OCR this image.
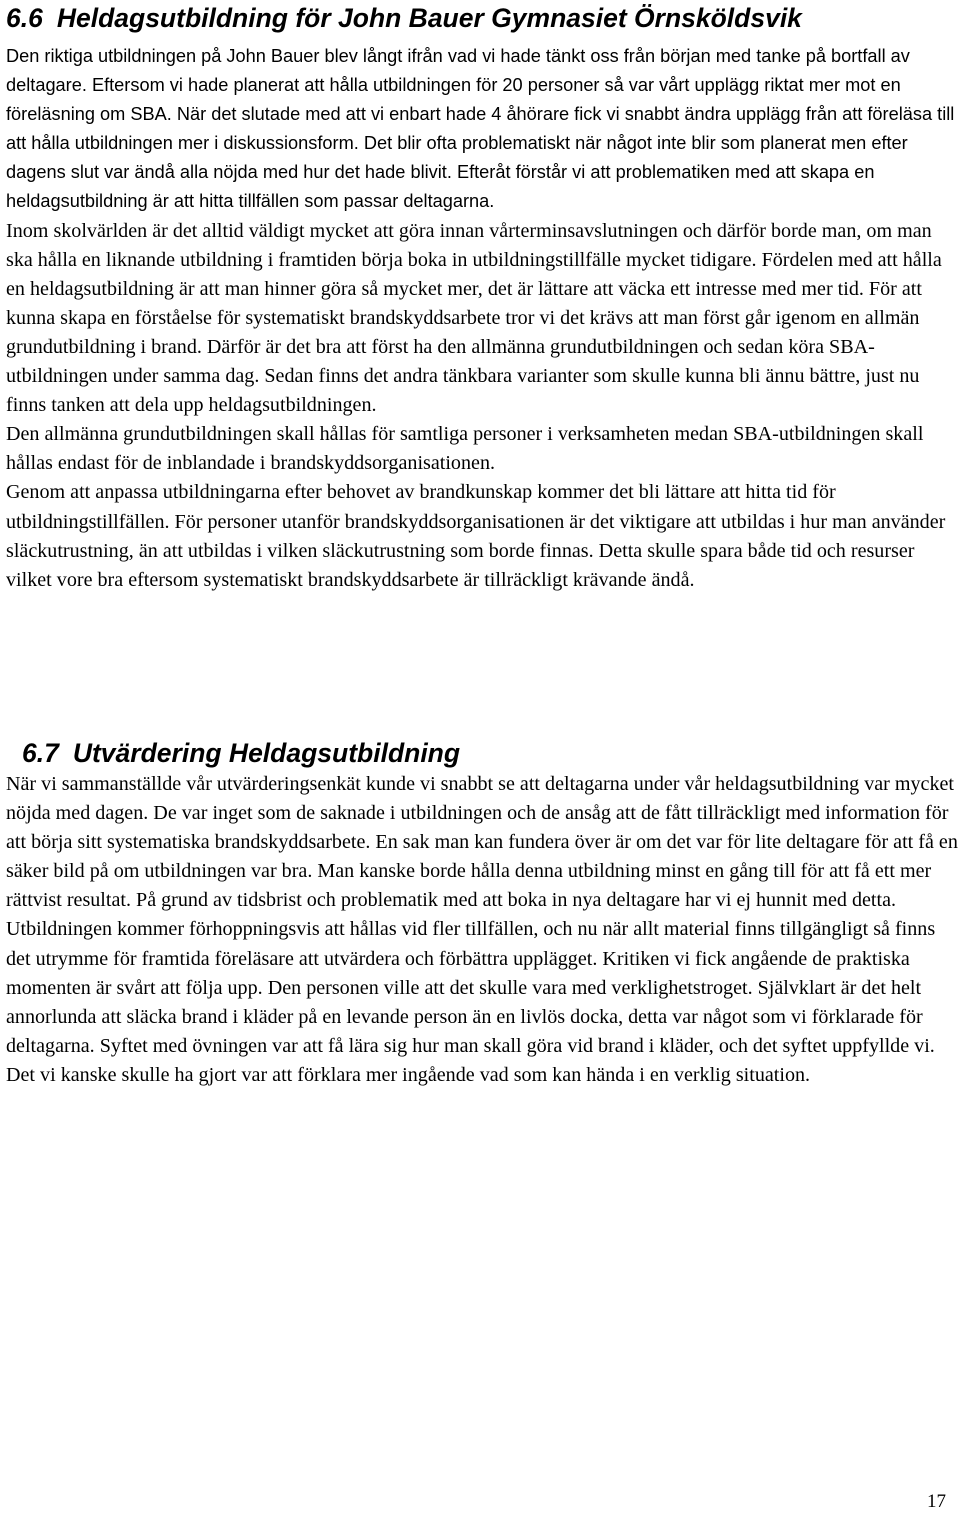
6.6 Heldagsutbildning för John Bauer Gymnasiet Örnsköldsvik

Den riktiga utbildningen på John Bauer blev långt ifrån vad vi hade tänkt oss från början med tanke på bortfall av deltagare. Eftersom vi hade planerat att hålla utbildningen för 20 personer så var vårt upplägg riktat mer mot en föreläsning om SBA. När det slutade med att vi enbart hade 4 åhörare fick vi snabbt ändra upplägg från att föreläsa till att hålla utbildningen mer i diskussionsform. Det blir ofta problematiskt när något inte blir som planerat men efter dagens slut var ändå alla nöjda med hur det hade blivit. Efteråt förstår vi att problematiken med att skapa en heldagsutbildning är att hitta tillfällen som passar deltagarna.

Inom skolvärlden är det alltid väldigt mycket att göra innan vårterminsavslutningen och därför borde man, om man ska hålla en liknande utbildning i framtiden börja boka in utbildningstillfälle mycket tidigare. Fördelen med att hålla en heldagsutbildning är att man hinner göra så mycket mer, det är lättare att väcka ett intresse med mer tid. För att kunna skapa en förståelse för systematiskt brandskyddsarbete tror vi det krävs att man först går igenom en allmän grundutbildning i brand. Därför är det bra att först ha den allmänna grundutbildningen och sedan köra SBA-utbildningen under samma dag. Sedan finns det andra tänkbara varianter som skulle kunna bli ännu bättre, just nu finns tanken att dela upp heldagsutbildningen.

Den allmänna grundutbildningen skall hållas för samtliga personer i verksamheten medan SBA-utbildningen skall hållas endast för de inblandade i brandskyddsorganisationen.

Genom att anpassa utbildningarna efter behovet av brandkunskap kommer det bli lättare att hitta tid för utbildningstillfällen. För personer utanför brandskyddsorganisationen är det viktigare att utbildas i hur man använder släckutrustning, än att utbildas i vilken släckutrustning som borde finnas. Detta skulle spara både tid och resurser vilket vore bra eftersom systematiskt brandskyddsarbete är tillräckligt krävande ändå.

6.7 Utvärdering Heldagsutbildning

När vi sammanställde vår utvärderingsenkät kunde vi snabbt se att deltagarna under vår heldagsutbildning var mycket nöjda med dagen. De var inget som de saknade i utbildningen och de ansåg att de fått tillräckligt med information för att börja sitt systematiska brandskyddsarbete. En sak man kan fundera över är om det var för lite deltagare för att få en säker bild på om utbildningen var bra. Man kanske borde hålla denna utbildning minst en gång till för att få ett mer rättvist resultat. På grund av tidsbrist och problematik med att boka in nya deltagare har vi ej hunnit med detta. Utbildningen kommer förhoppningsvis att hållas vid fler tillfällen, och nu när allt material finns tillgängligt så finns det utrymme för framtida föreläsare att utvärdera och förbättra upplägget. Kritiken vi fick angående de praktiska momenten är svårt att följa upp. Den personen ville att det skulle vara med verklighetstroget. Självklart är det helt annorlunda att släcka brand i kläder på en levande person än en livlös docka, detta var något som vi förklarade för deltagarna. Syftet med övningen var att få lära sig hur man skall göra vid brand i kläder, och det syftet uppfyllde vi.

Det vi kanske skulle ha gjort var att förklara mer ingående vad som kan hända i en verklig situation.

17
